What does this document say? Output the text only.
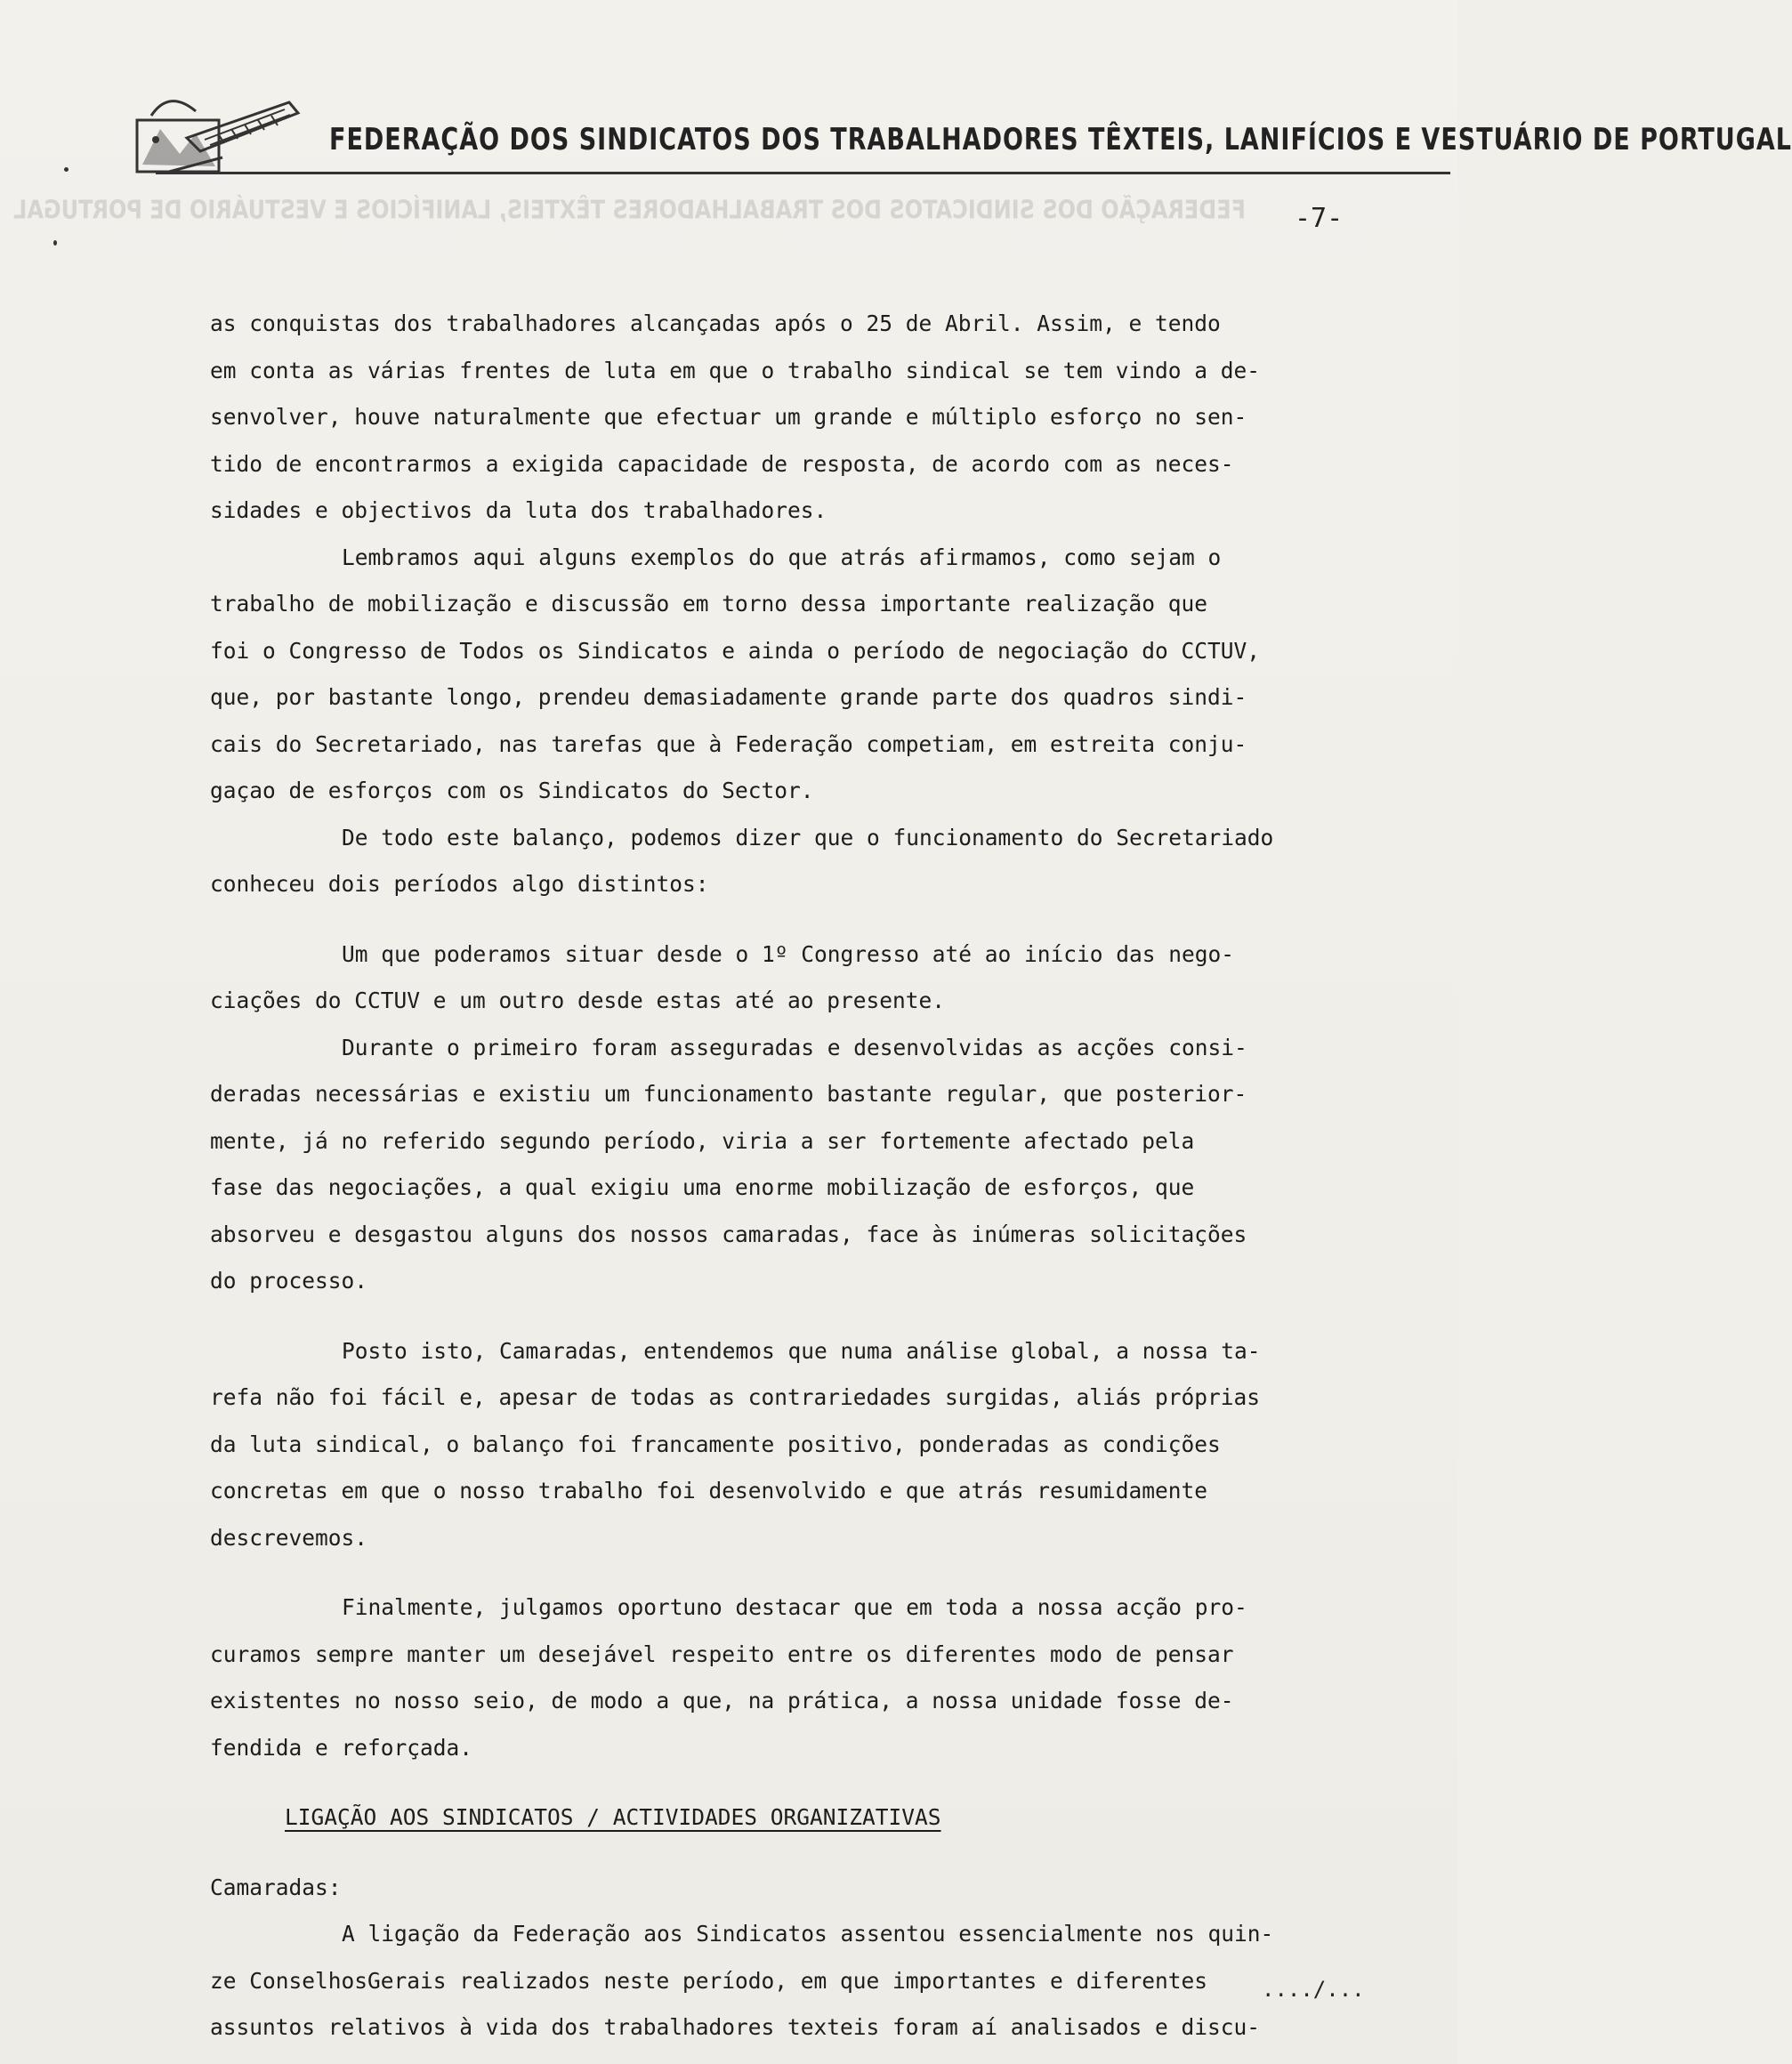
FEDERAÇÃO DOS SINDICATOS DOS TRABALHADORES TÊXTEIS, LANIFÍCIOS E VESTUÁRIO DE PORTUGAL
FEDERAÇÃO DOS SINDICATOS DOS TRABALHADORES TÊXTEIS, LANIFÍCIOS E VESTUÁRIO DE PORTUGAL -7-
as conquistas dos trabalhadores alcançadas após o 25 de Abril. Assim, e tendo
em conta as várias frentes de luta em que o trabalho sindical se tem vindo a de-
senvolver, houve naturalmente que efectuar um grande e múltiplo esforço no sen-
tido de encontrarmos a exigida capacidade de resposta, de acordo com as neces-
sidades e objectivos da luta dos trabalhadores.
Lembramos aqui alguns exemplos do que atrás afirmamos, como sejam o
trabalho de mobilização e discussão em torno dessa importante realização que
foi o Congresso de Todos os Sindicatos e ainda o período de negociação do CCTUV,
que, por bastante longo, prendeu demasiadamente grande parte dos quadros sindi-
cais do Secretariado, nas tarefas que à Federação competiam, em estreita conju-
gaçao de esforços com os Sindicatos do Sector.
De todo este balanço, podemos dizer que o funcionamento do Secretariado
conheceu dois períodos algo distintos:
Um que poderamos situar desde o 1º Congresso até ao início das nego-
ciações do CCTUV e um outro desde estas até ao presente.
Durante o primeiro foram asseguradas e desenvolvidas as acções consi-
deradas necessárias e existiu um funcionamento bastante regular, que posterior-
mente, já no referido segundo período, viria a ser fortemente afectado pela
fase das negociações, a qual exigiu uma enorme mobilização de esforços, que
absorveu e desgastou alguns dos nossos camaradas, face às inúmeras solicitações
do processo.
Posto isto, Camaradas, entendemos que numa análise global, a nossa ta-
refa não foi fácil e, apesar de todas as contrariedades surgidas, aliás próprias
da luta sindical, o balanço foi francamente positivo, ponderadas as condições
concretas em que o nosso trabalho foi desenvolvido e que atrás resumidamente
descrevemos.
Finalmente, julgamos oportuno destacar que em toda a nossa acção pro-
curamos sempre manter um desejável respeito entre os diferentes modo de pensar
existentes no nosso seio, de modo a que, na prática, a nossa unidade fosse de-
fendida e reforçada.
LIGAÇÃO AOS SINDICATOS / ACTIVIDADES ORGANIZATIVAS
Camaradas:
A ligação da Federação aos Sindicatos assentou essencialmente nos quin-
ze ConselhosGerais realizados neste período, em que importantes e diferentes
assuntos relativos à vida dos trabalhadores texteis foram aí analisados e discu-
..../...
